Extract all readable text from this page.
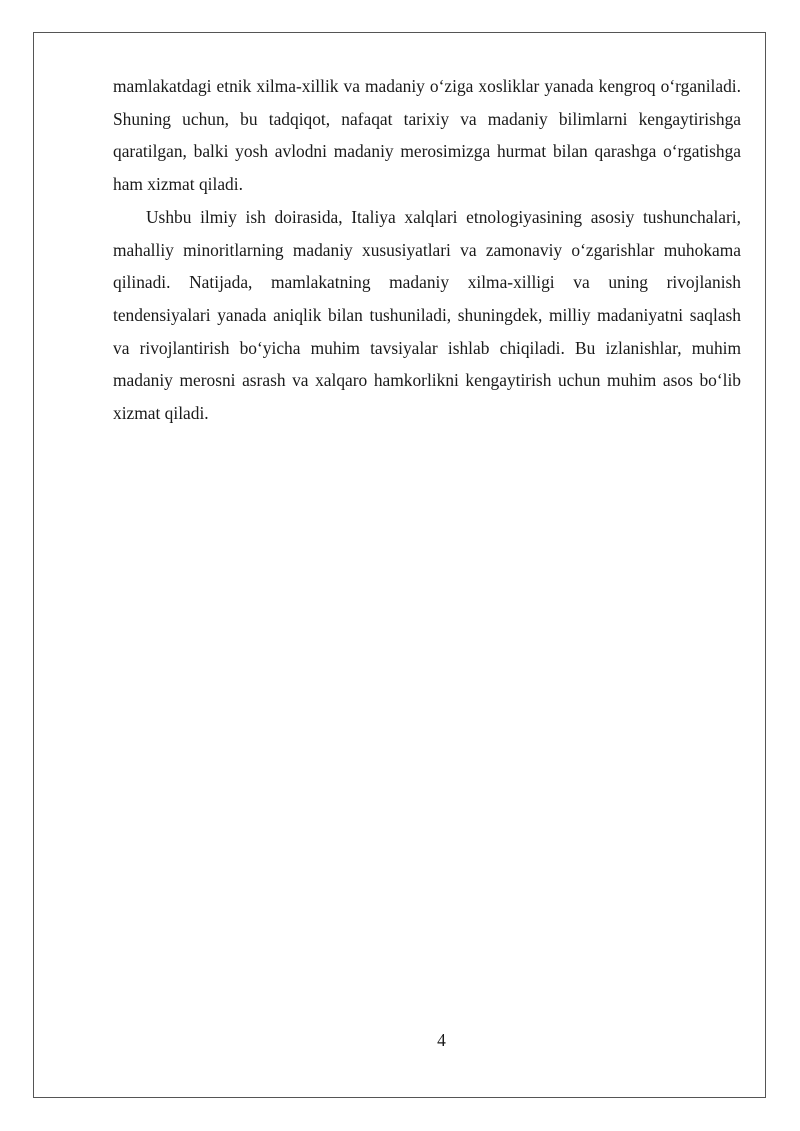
mamlakatdagi etnik xilma-xillik va madaniy o‘ziga xosliklar yanada kengroq o‘rganiladi. Shuning uchun, bu tadqiqot, nafaqat tarixiy va madaniy bilimlarni kengaytirishga qaratilgan, balki yosh avlodni madaniy merosimizga hurmat bilan qarashga o‘rgatishga ham xizmat qiladi.

Ushbu ilmiy ish doirasida, Italiya xalqlari etnologiyasining asosiy tushunchalari, mahalliy minoritlarning madaniy xususiyatlari va zamonaviy o‘zgarishlar muhokama qilinadi. Natijada, mamlakatning madaniy xilma-xilligi va uning rivojlanish tendensiyalari yanada aniqlik bilan tushuniladi, shuningdek, milliy madaniyatni saqlash va rivojlantirish bo‘yicha muhim tavsiyalar ishlab chiqiladi. Bu izlanishlar, muhim madaniy merosni asrash va xalqaro hamkorlikni kengaytirish uchun muhim asos bo‘lib xizmat qiladi.

4
